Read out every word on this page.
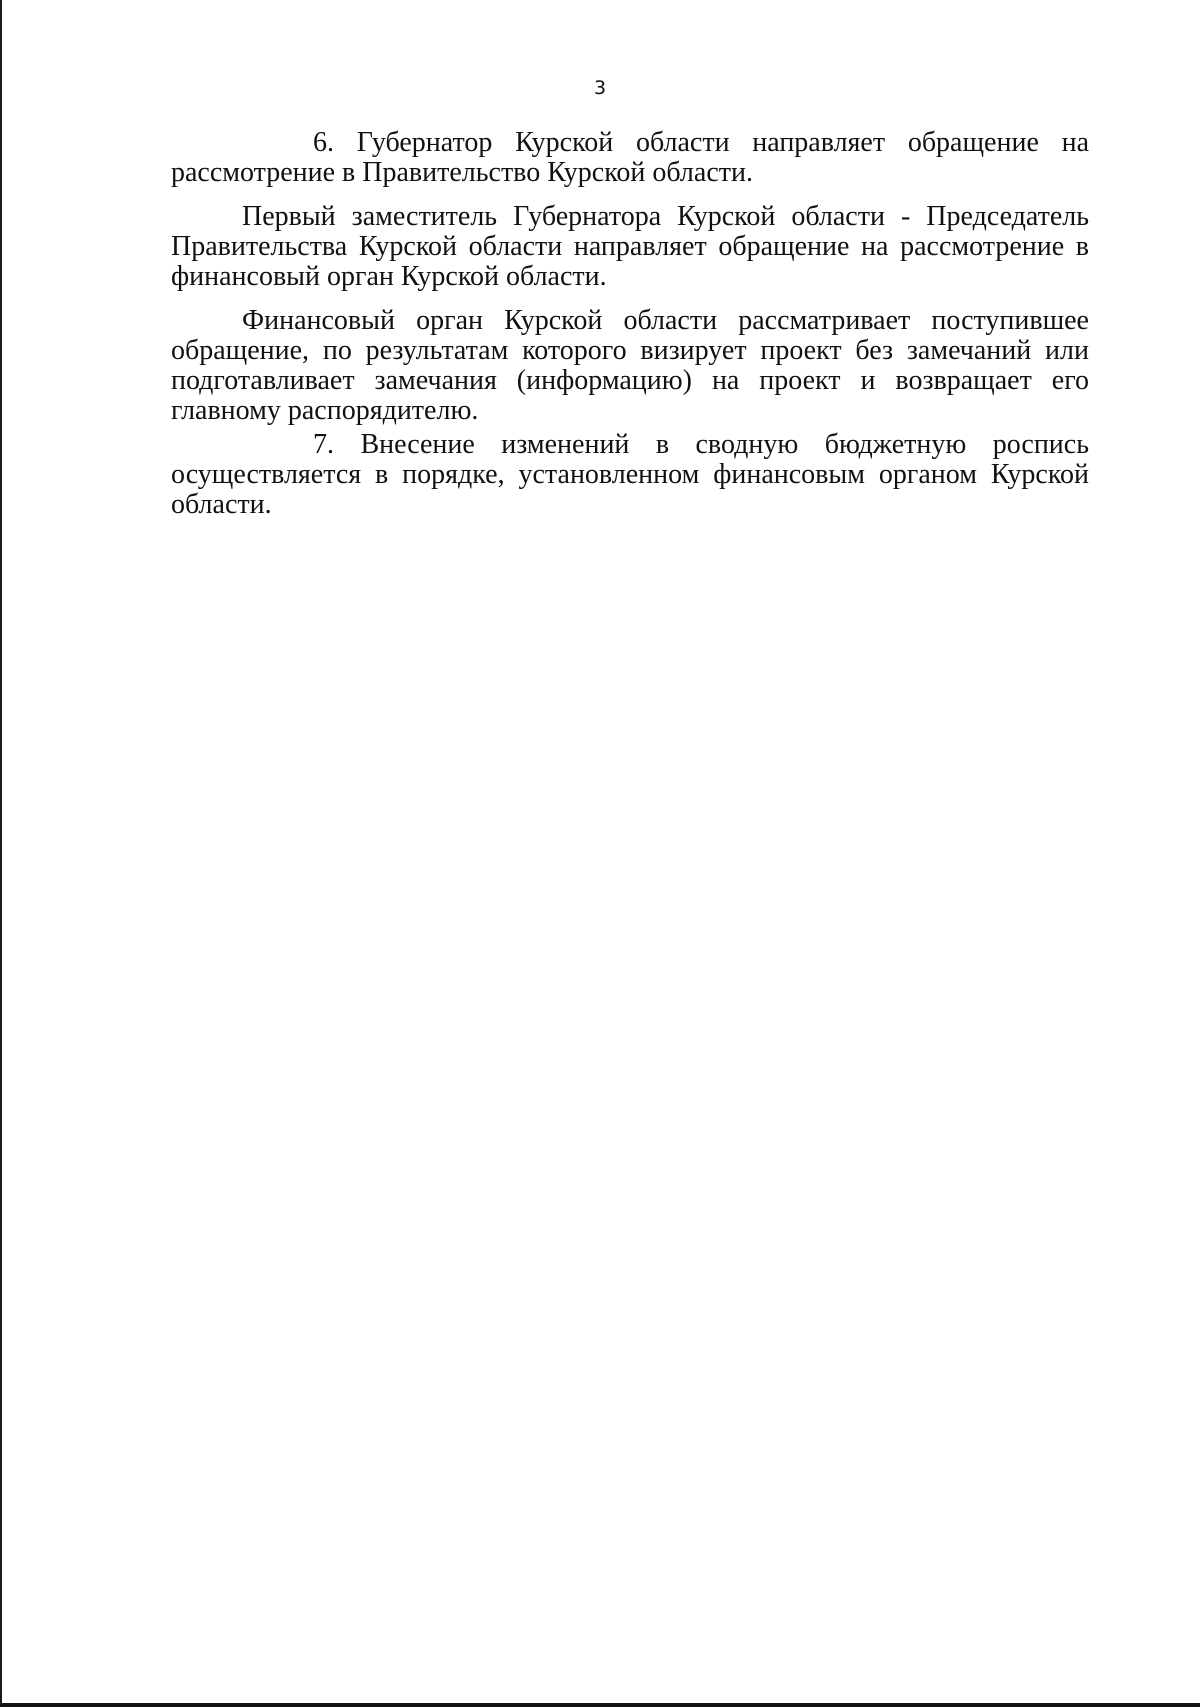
3

6. Губернатор Курской области направляет обращение на рассмотрение в Правительство Курской области.

Первый заместитель Губернатора Курской области - Председатель Правительства Курской области направляет обращение на рассмотрение в финансовый орган Курской области.

Финансовый орган Курской области рассматривает поступившее обращение, по результатам которого визирует проект без замечаний или подготавливает замечания (информацию) на проект и возвращает его главному распорядителю.

7. Внесение изменений в сводную бюджетную роспись осуществляется в порядке, установленном финансовым органом Курской области.
